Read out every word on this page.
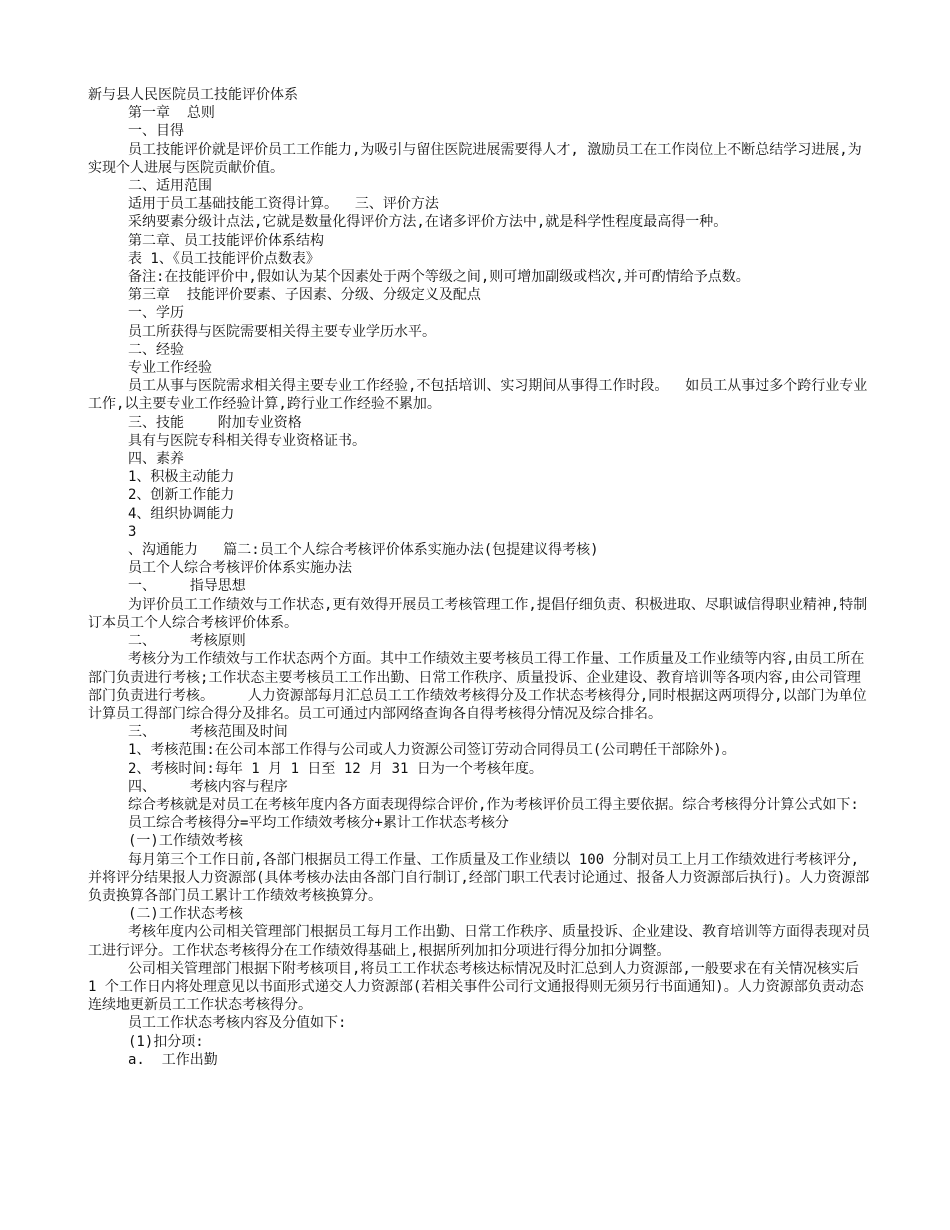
新与县人民医院员工技能评价体系
第一章  总则
一、目得
员工技能评价就是评价员工工作能力,为吸引与留住医院进展需要得人才, 激励员工在工作岗位上不断总结学习进展,为实现个人进展与医院贡献价值。
二、适用范围
适用于员工基础技能工资得计算。  三、评价方法
采纳要素分级计点法,它就是数量化得评价方法,在诸多评价方法中,就是科学性程度最高得一种。
第二章、员工技能评价体系结构
表 1、《员工技能评价点数表》
备注:在技能评价中,假如认为某个因素处于两个等级之间,则可增加副级或档次,并可酌情给予点数。
第三章  技能评价要素、子因素、分级、分级定义及配点
一、学历
员工所获得与医院需要相关得主要专业学历水平。
二、经验
专业工作经验
员工从事与医院需求相关得主要专业工作经验,不包括培训、实习期间从事得工作时段。  如员工从事过多个跨行业专业工作,以主要专业工作经验计算,跨行业工作经验不累加。
三、技能    附加专业资格
具有与医院专科相关得专业资格证书。
四、素养
1、积极主动能力
2、创新工作能力
4、组织协调能力
3
、沟通能力   篇二:员工个人综合考核评价体系实施办法(包提建议得考核)
员工个人综合考核评价体系实施办法
一、    指导思想
为评价员工工作绩效与工作状态,更有效得开展员工考核管理工作,提倡仔细负责、积极进取、尽职诚信得职业精神,特制订本员工个人综合考核评价体系。
二、    考核原则
考核分为工作绩效与工作状态两个方面。其中工作绩效主要考核员工得工作量、工作质量及工作业绩等内容,由员工所在部门负责进行考核;工作状态主要考核员工工作出勤、日常工作秩序、质量投诉、企业建设、教育培训等各项内容,由公司管理部门负责进行考核。    人力资源部每月汇总员工工作绩效考核得分及工作状态考核得分,同时根据这两项得分,以部门为单位计算员工得部门综合得分及排名。员工可通过内部网络查询各自得考核得分情况及综合排名。
三、    考核范围及时间
1、考核范围:在公司本部工作得与公司或人力资源公司签订劳动合同得员工(公司聘任干部除外)。
2、考核时间:每年 1 月 1 日至 12 月 31 日为一个考核年度。
四、    考核内容与程序
综合考核就是对员工在考核年度内各方面表现得综合评价,作为考核评价员工得主要依据。综合考核得分计算公式如下:
员工综合考核得分=平均工作绩效考核分+累计工作状态考核分
(一)工作绩效考核
每月第三个工作日前,各部门根据员工得工作量、工作质量及工作业绩以 100 分制对员工上月工作绩效进行考核评分,并将评分结果报人力资源部(具体考核办法由各部门自行制订,经部门职工代表讨论通过、报备人力资源部后执行)。人力资源部负责换算各部门员工累计工作绩效考核换算分。
(二)工作状态考核
考核年度内公司相关管理部门根据员工每月工作出勤、日常工作秩序、质量投诉、企业建设、教育培训等方面得表现对员工进行评分。工作状态考核得分在工作绩效得基础上,根据所列加扣分项进行得分加扣分调整。
公司相关管理部门根据下附考核项目,将员工工作状态考核达标情况及时汇总到人力资源部,一般要求在有关情况核实后 1 个工作日内将处理意见以书面形式递交人力资源部(若相关事件公司行文通报得则无须另行书面通知)。人力资源部负责动态连续地更新员工工作状态考核得分。
员工工作状态考核内容及分值如下:
(1)扣分项:
a.  工作出勤
